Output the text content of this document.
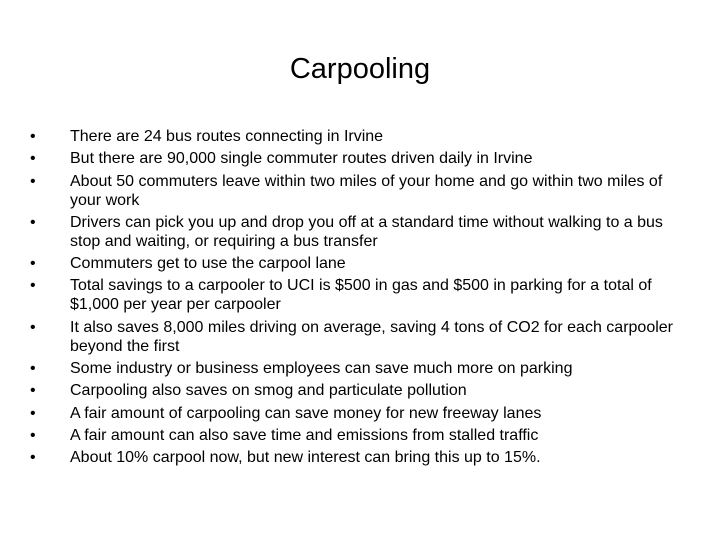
Carpooling
• There are 24 bus routes connecting in Irvine
• But there are 90,000 single commuter routes driven daily in Irvine
• About 50 commuters leave within two miles of your home and go within two miles of your work
• Drivers can pick you up and drop you off at a standard time without walking to a bus stop and waiting, or requiring a bus transfer
• Commuters get to use the carpool lane
• Total savings to a carpooler to UCI is $500 in gas and $500 in parking for a total of $1,000 per year per carpooler
• It also saves 8,000 miles driving on average, saving 4 tons of CO2 for each carpooler beyond the first
• Some industry or business employees can save much more on parking
• Carpooling also saves on smog and particulate pollution
• A fair amount of carpooling can save money for new freeway lanes
• A fair amount can also save time and emissions from stalled traffic
• About 10% carpool now, but new interest can bring this up to 15%.
